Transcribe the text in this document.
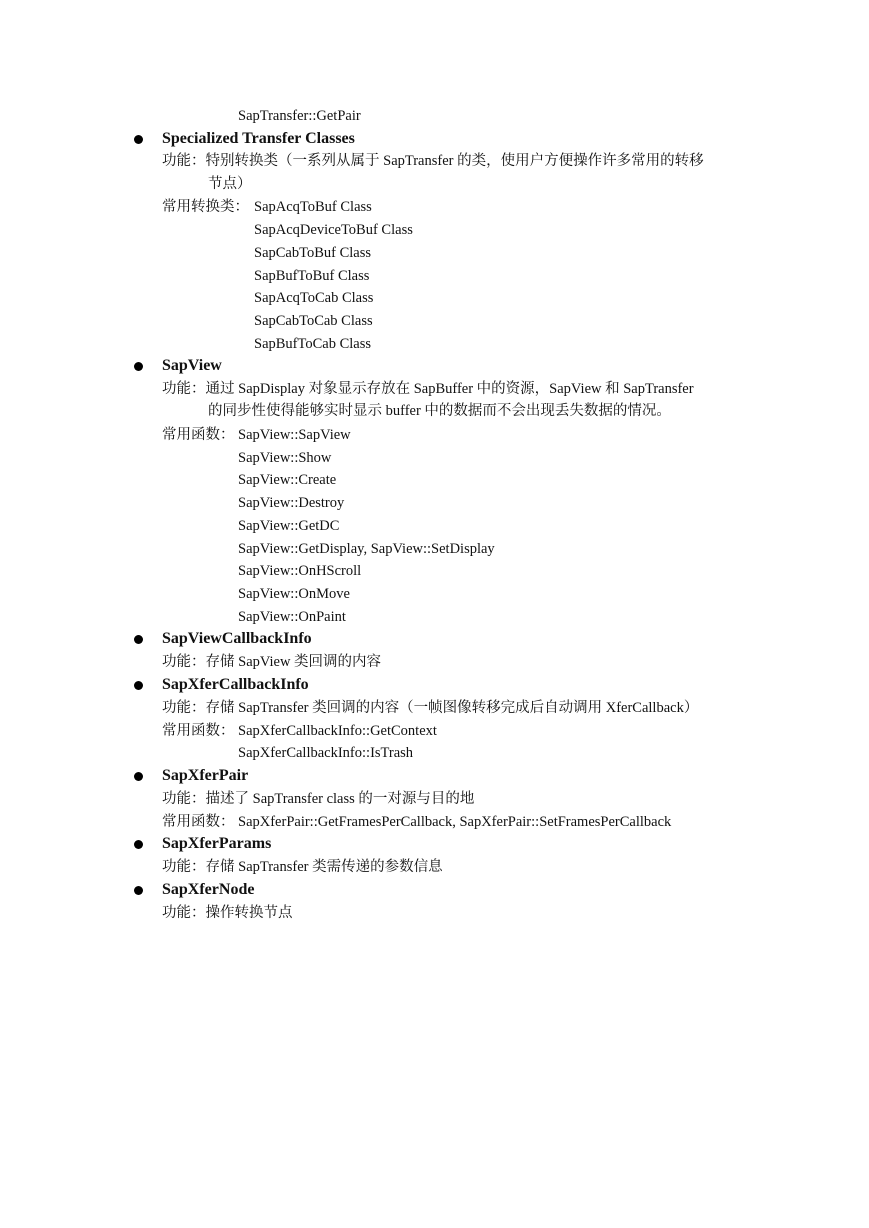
SapTransfer::GetPair
Specialized Transfer Classes
功能：特别转换类（一系列从属于 SapTransfer 的类，使用户方便操作许多常用的转移
节点）
常用转换类： SapAcqToBuf Class
SapAcqDeviceToBuf Class
SapCabToBuf Class
SapBufToBuf Class
SapAcqToCab Class
SapCabToCab Class
SapBufToCab Class
SapView
功能：通过 SapDisplay 对象显示存放在 SapBuffer 中的资源，SapView 和 SapTransfer
的同步性使得能够实时显示 buffer 中的数据而不会出现丢失数据的情况。
常用函数： SapView::SapView
SapView::Show
SapView::Create
SapView::Destroy
SapView::GetDC
SapView::GetDisplay, SapView::SetDisplay
SapView::OnHScroll
SapView::OnMove
SapView::OnPaint
SapViewCallbackInfo
功能：存储 SapView 类回调的内容
SapXferCallbackInfo
功能：存储 SapTransfer 类回调的内容（一帧图像转移完成后自动调用 XferCallback）
常用函数： SapXferCallbackInfo::GetContext
SapXferCallbackInfo::IsTrash
SapXferPair
功能：描述了 SapTransfer class 的一对源与目的地
常用函数： SapXferPair::GetFramesPerCallback, SapXferPair::SetFramesPerCallback
SapXferParams
功能：存储 SapTransfer 类需传递的参数信息
SapXferNode
功能：操作转换节点
